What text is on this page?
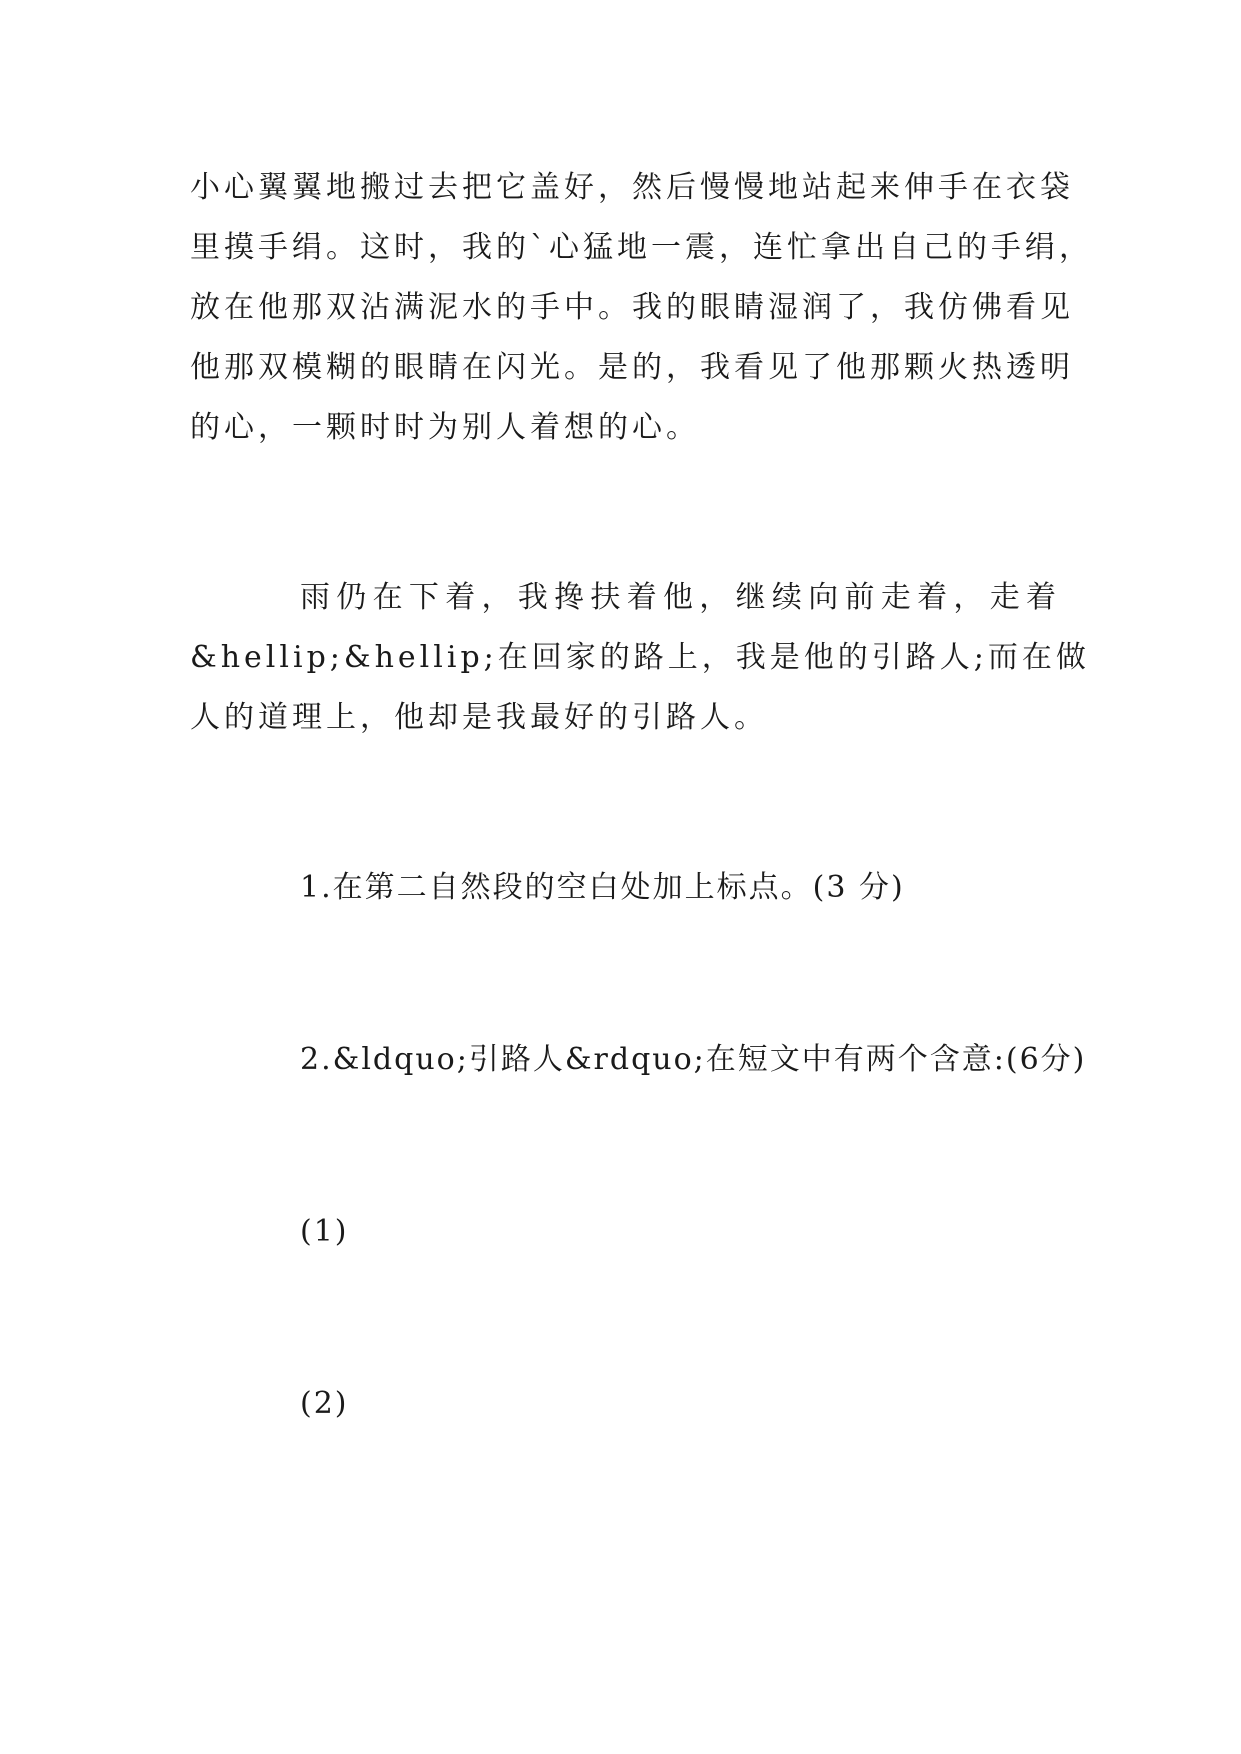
小心翼翼地搬过去把它盖好，然后慢慢地站起来伸手在衣袋
里摸手绢。这时，我的`心猛地一震，连忙拿出自己的手绢，
放在他那双沾满泥水的手中。我的眼睛湿润了，我仿佛看见
他那双模糊的眼睛在闪光。是的，我看见了他那颗火热透明
的心，一颗时时为别人着想的心。
雨仍在下着，我搀扶着他，继续向前走着，走着
&hellip;&hellip;在回家的路上，我是他的引路人;而在做
人的道理上，他却是我最好的引路人。
1.在第二自然段的空白处加上标点。(3 分)
2.&ldquo;引路人&rdquo;在短文中有两个含意:(6分)
(1)
(2)
